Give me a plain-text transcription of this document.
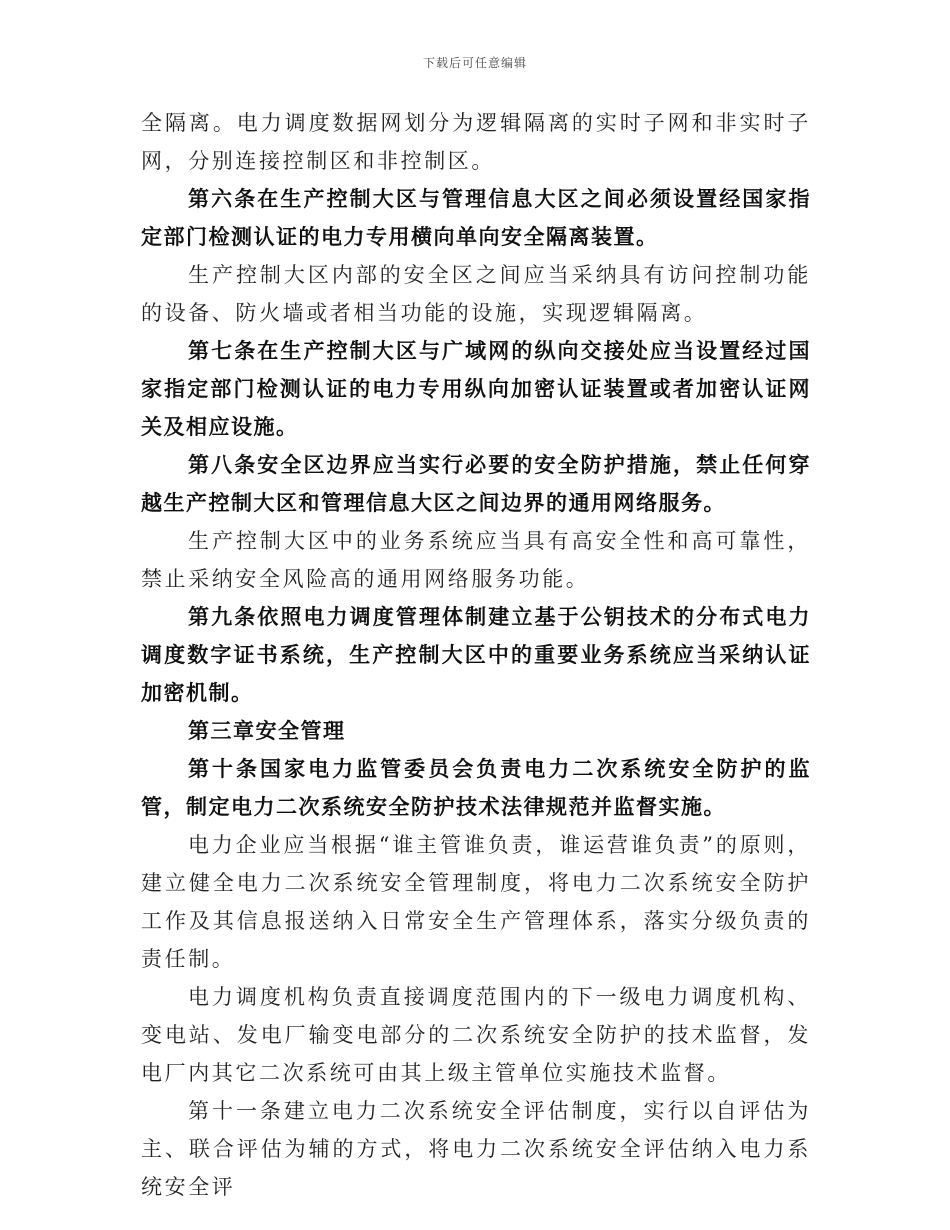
下载后可任意编辑

全隔离。电力调度数据网划分为逻辑隔离的实时子网和非实时子网，分别连接控制区和非控制区。

第六条在生产控制大区与管理信息大区之间必须设置经国家指定部门检测认证的电力专用横向单向安全隔离装置。

生产控制大区内部的安全区之间应当采纳具有访问控制功能的设备、防火墙或者相当功能的设施，实现逻辑隔离。

第七条在生产控制大区与广域网的纵向交接处应当设置经过国家指定部门检测认证的电力专用纵向加密认证装置或者加密认证网关及相应设施。

第八条安全区边界应当实行必要的安全防护措施，禁止任何穿越生产控制大区和管理信息大区之间边界的通用网络服务。

生产控制大区中的业务系统应当具有高安全性和高可靠性，禁止采纳安全风险高的通用网络服务功能。

第九条依照电力调度管理体制建立基于公钥技术的分布式电力调度数字证书系统，生产控制大区中的重要业务系统应当采纳认证加密机制。

第三章安全管理

第十条国家电力监管委员会负责电力二次系统安全防护的监管，制定电力二次系统安全防护技术法律规范并监督实施。

电力企业应当根据“谁主管谁负责，谁运营谁负责”的原则，建立健全电力二次系统安全管理制度，将电力二次系统安全防护工作及其信息报送纳入日常安全生产管理体系，落实分级负责的责任制。

电力调度机构负责直接调度范围内的下一级电力调度机构、变电站、发电厂输变电部分的二次系统安全防护的技术监督，发电厂内其它二次系统可由其上级主管单位实施技术监督。

第十一条建立电力二次系统安全评估制度，实行以自评估为主、联合评估为辅的方式，将电力二次系统安全评估纳入电力系统安全评
